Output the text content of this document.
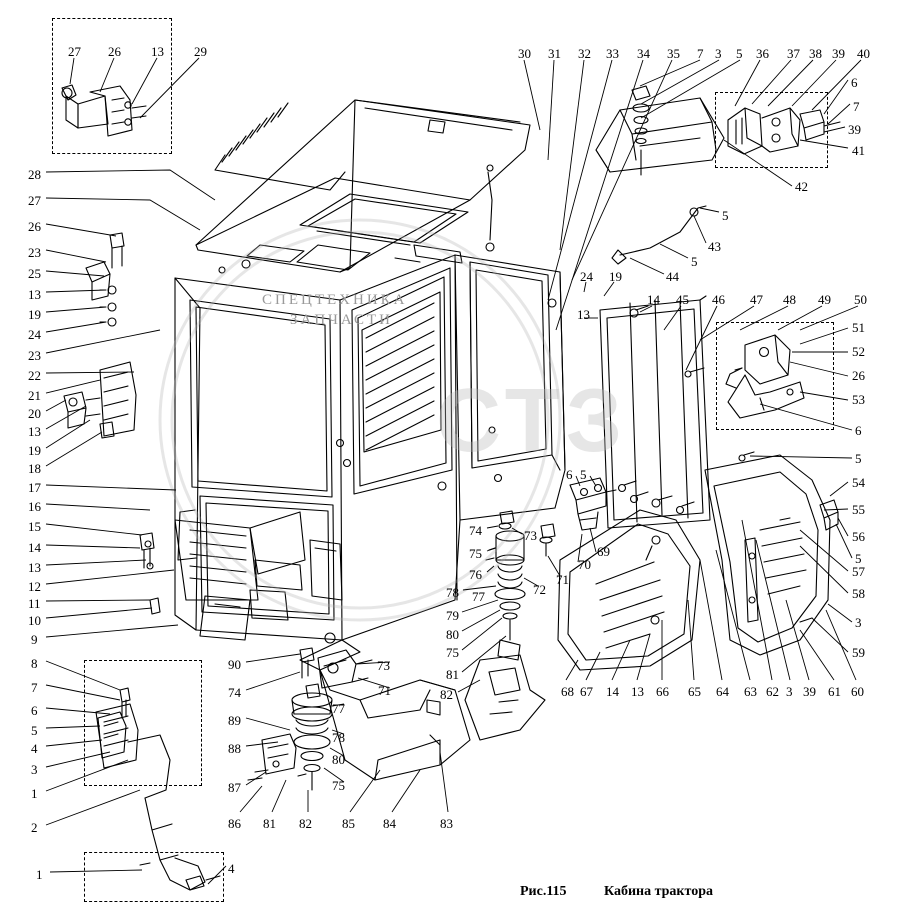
СПЕЦТЕХНИКА
ЗАПЧАСТИ
СТЗ
27 26 13 29	30 31 32 33 34 35 7 3 5 36 37 38 39 40
6
7
39
41
42
5
43
5
44
28
27
26
23
25
13
19
24
23
22
21
20
13
19
18
17
16
15
14
13
12
11
10
9
8
7
6
5
4
3
1
2
1	4
24 19
13
14 45 46 47 48 49 50
51
52
26
53
6
5
54
55
56
5
57
58
3
59
6 5
74	73
75
70
69
76	71
72
78 77
79
80
75
81
82
90	73
74	71
89
77
78
88
80
87	75
86 81 82 85 84	83
68 67 14 13 66 65 64 63 62 3 39 61 60
Рис.115	Кабина трактора
